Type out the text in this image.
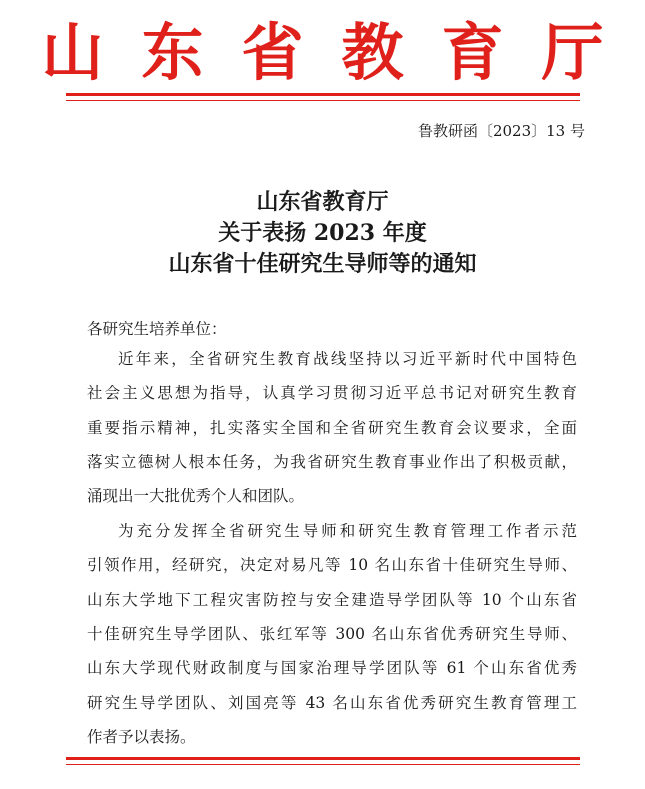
山东省教育厅
鲁教研函〔2023〕13 号
山东省教育厅
关于表扬 2023 年度
山东省十佳研究生导师等的通知
各研究生培养单位：
近年来，全省研究生教育战线坚持以习近平新时代中国特色
社会主义思想为指导，认真学习贯彻习近平总书记对研究生教育
重要指示精神，扎实落实全国和全省研究生教育会议要求，全面
落实立德树人根本任务，为我省研究生教育事业作出了积极贡献，
涌现出一大批优秀个人和团队。
为充分发挥全省研究生导师和研究生教育管理工作者示范
引领作用，经研究，决定对易凡等 10 名山东省十佳研究生导师、
山东大学地下工程灾害防控与安全建造导学团队等 10 个山东省
十佳研究生导学团队、张红军等 300 名山东省优秀研究生导师、
山东大学现代财政制度与国家治理导学团队等 61 个山东省优秀
研究生导学团队、刘国亮等 43 名山东省优秀研究生教育管理工
作者予以表扬。
